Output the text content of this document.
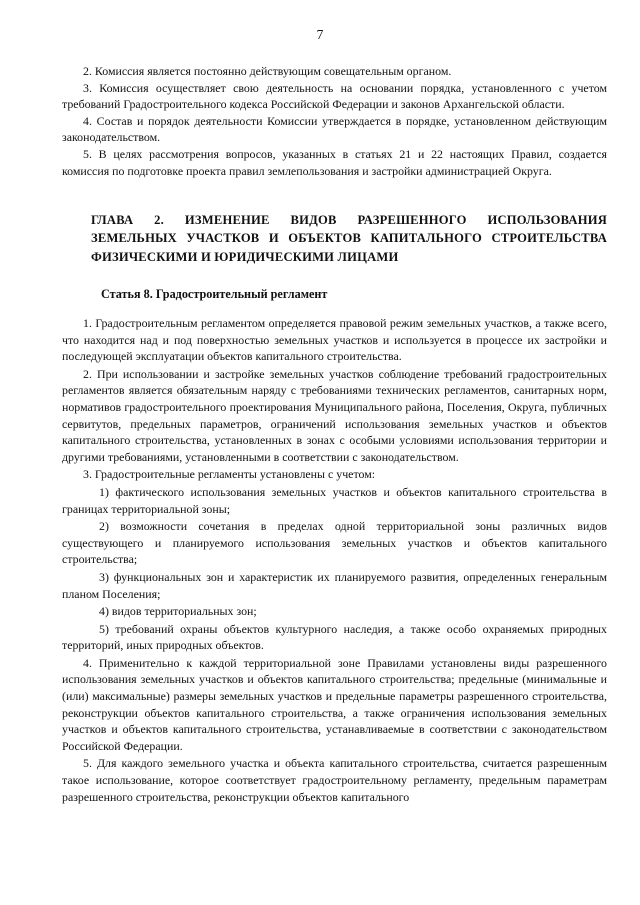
7

2. Комиссия является постоянно действующим совещательным органом.

3. Комиссия осуществляет свою деятельность на основании порядка, установленного с учетом требований Градостроительного кодекса Российской Федерации и законов Архангельской области.

4. Состав и порядок деятельности Комиссии утверждается в порядке, установленном действующим законодательством.

5. В целях рассмотрения вопросов, указанных в статьях 21 и 22 настоящих Правил, создается комиссия по подготовке проекта правил землепользования и застройки администрацией Округа.

ГЛАВА 2. ИЗМЕНЕНИЕ ВИДОВ РАЗРЕШЕННОГО ИСПОЛЬЗОВАНИЯ ЗЕМЕЛЬНЫХ УЧАСТКОВ И ОБЪЕКТОВ КАПИТАЛЬНОГО СТРОИТЕЛЬСТВА ФИЗИЧЕСКИМИ И ЮРИДИЧЕСКИМИ ЛИЦАМИ
Статья 8. Градостроительный регламент

1. Градостроительным регламентом определяется правовой режим земельных участков, а также всего, что находится над и под поверхностью земельных участков и используется в процессе их застройки и последующей эксплуатации объектов капитального строительства.

2. При использовании и застройке земельных участков соблюдение требований градостроительных регламентов является обязательным наряду с требованиями технических регламентов, санитарных норм, нормативов градостроительного проектирования Муниципального района, Поселения, Округа, публичных сервитутов, предельных параметров, ограничений использования земельных участков и объектов капитального строительства, установленных в зонах с особыми условиями использования территории и другими требованиями, установленными в соответствии с законодательством.

3. Градостроительные регламенты установлены с учетом:

1) фактического использования земельных участков и объектов капитального строительства в границах территориальной зоны;

2) возможности сочетания в пределах одной территориальной зоны различных видов существующего и планируемого использования земельных участков и объектов капитального строительства;

3) функциональных зон и характеристик их планируемого развития, определенных генеральным планом Поселения;

4) видов территориальных зон;

5) требований охраны объектов культурного наследия, а также особо охраняемых природных территорий, иных природных объектов.

4. Применительно к каждой территориальной зоне Правилами установлены виды разрешенного использования земельных участков и объектов капитального строительства; предельные (минимальные и (или) максимальные) размеры земельных участков и предельные параметры разрешенного строительства, реконструкции объектов капитального строительства, а также ограничения использования земельных участков и объектов капитального строительства, устанавливаемые в соответствии с законодательством Российской Федерации.

5. Для каждого земельного участка и объекта капитального строительства, считается разрешенным такое использование, которое соответствует градостроительному регламенту, предельным параметрам разрешенного строительства, реконструкции объектов капитального
